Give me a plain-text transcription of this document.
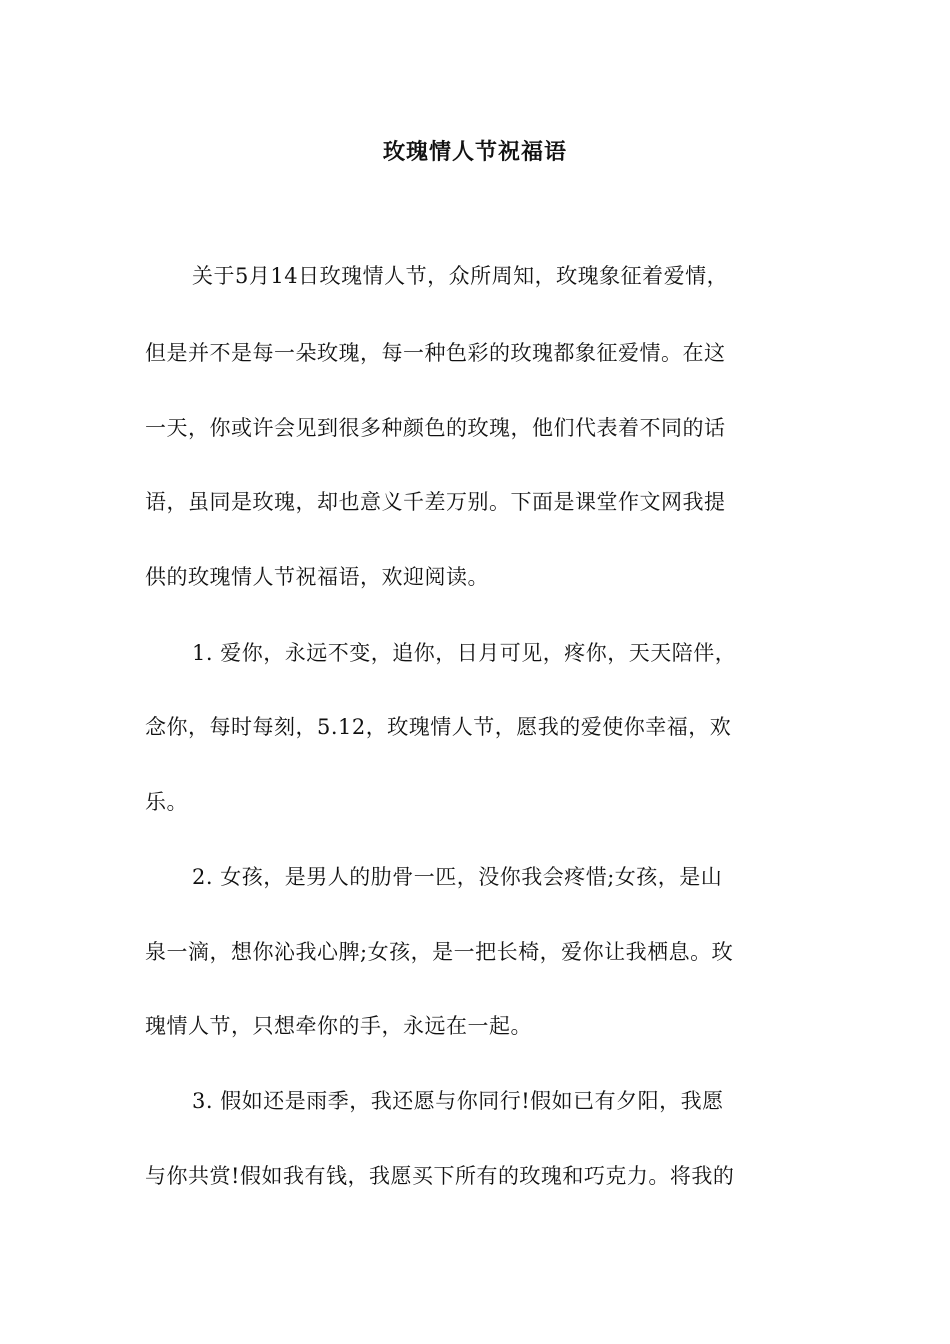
玫瑰情人节祝福语
关于5月14日玫瑰情人节，众所周知，玫瑰象征着爱情，
但是并不是每一朵玫瑰，每一种色彩的玫瑰都象征爱情。在这
一天，你或许会见到很多种颜色的玫瑰，他们代表着不同的话
语，虽同是玫瑰，却也意义千差万别。下面是课堂作文网我提
供的玫瑰情人节祝福语，欢迎阅读。
1. 爱你，永远不变，追你，日月可见，疼你，天天陪伴，
念你，每时每刻，5.12，玫瑰情人节，愿我的爱使你幸福，欢
乐。
2. 女孩，是男人的肋骨一匹，没你我会疼惜;女孩，是山
泉一滴，想你沁我心脾;女孩，是一把长椅，爱你让我栖息。玫
瑰情人节，只想牵你的手，永远在一起。
3. 假如还是雨季，我还愿与你同行!假如已有夕阳，我愿
与你共赏!假如我有钱，我愿买下所有的玫瑰和巧克力。将我的
